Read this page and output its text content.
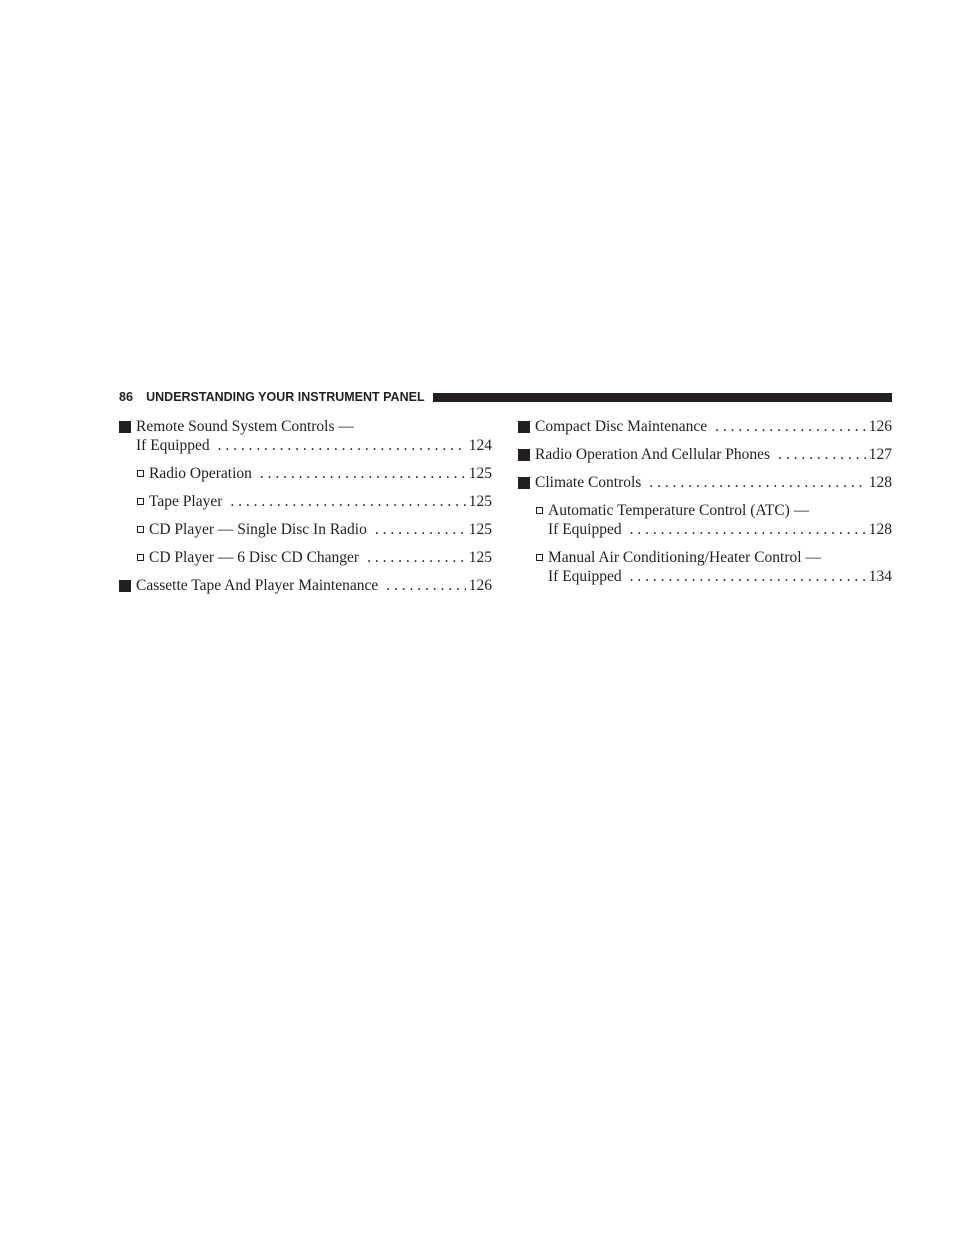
86 UNDERSTANDING YOUR INSTRUMENT PANEL
Remote Sound System Controls —
If Equipped . . .	124
Radio Operation . . .	125
Tape Player . . .	125
CD Player — Single Disc In Radio . . .	125
CD Player — 6 Disc CD Changer . . .	125
Cassette Tape And Player Maintenance . . .	126
Compact Disc Maintenance . . .	126
Radio Operation And Cellular Phones . . .	127
Climate Controls . . .	128
Automatic Temperature Control (ATC) —
If Equipped . . .	128
Manual Air Conditioning/Heater Control —
If Equipped . . .	134
